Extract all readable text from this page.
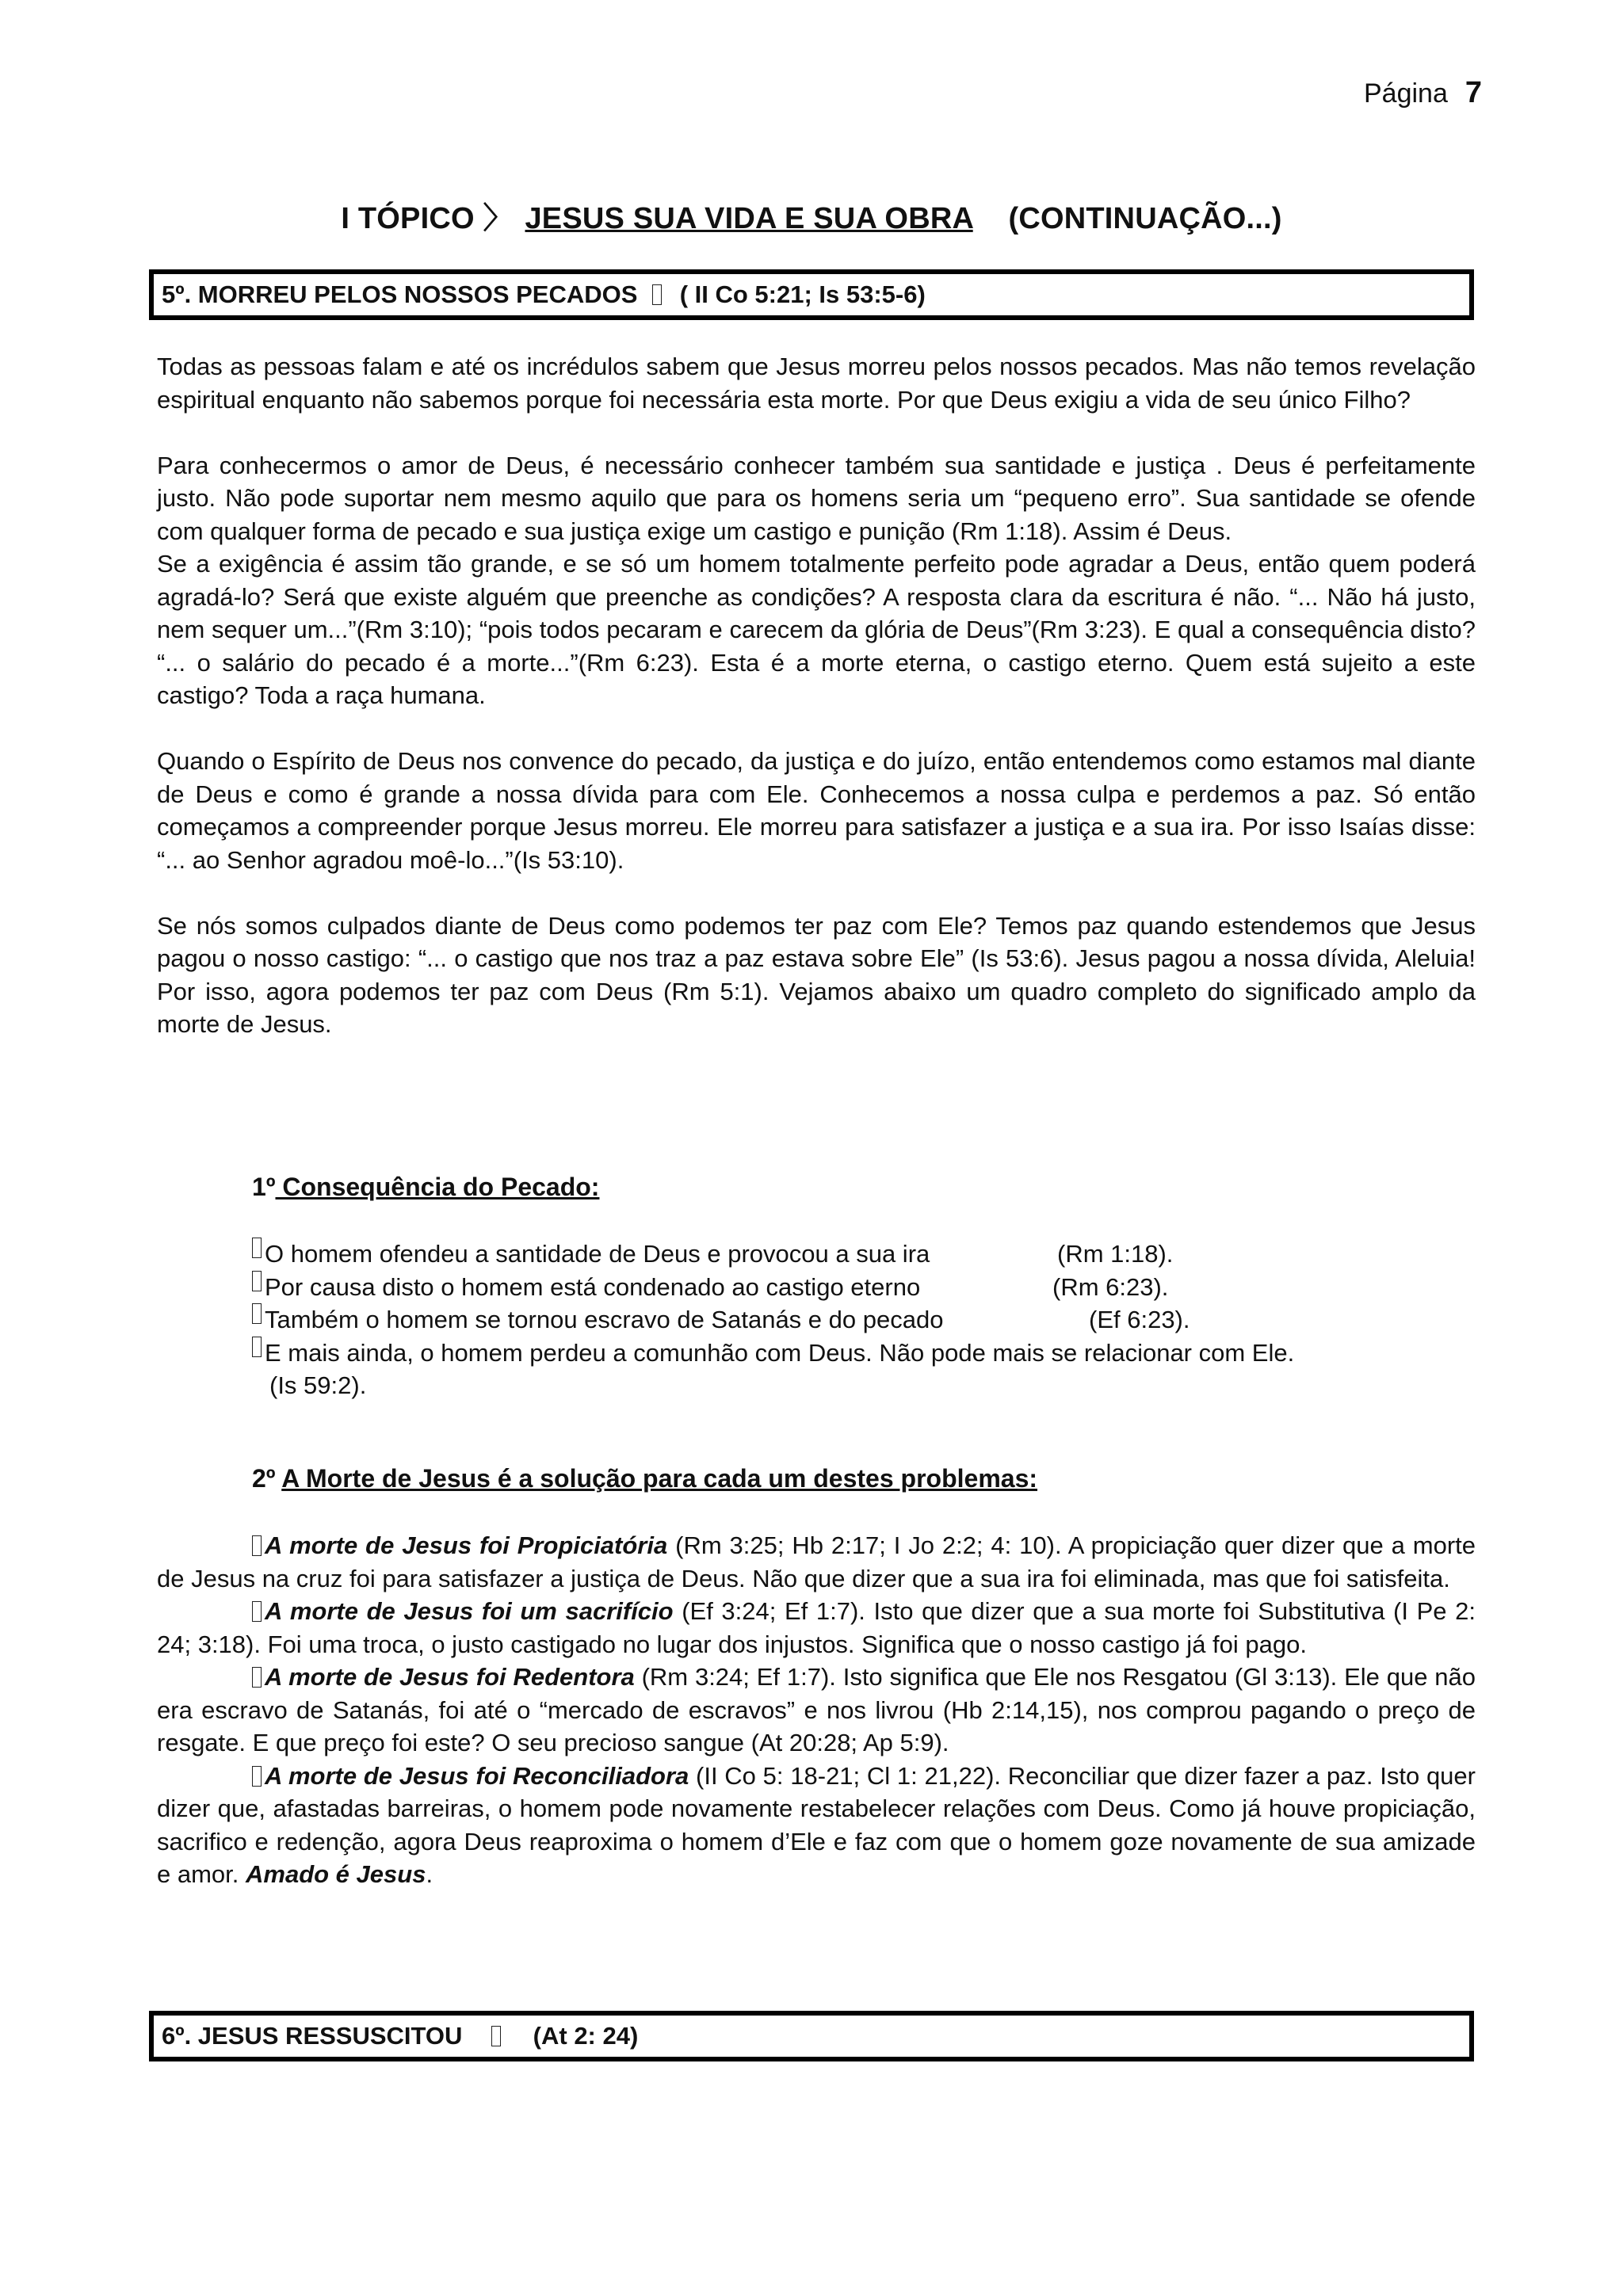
Página 7
I TÓPICO 〉 JESUS SUA VIDA E SUA OBRA (CONTINUAÇÃO...)
5º. MORREU PELOS NOSSOS PECADOS ( II Co 5:21; Is 53:5-6)

Todas as pessoas falam e até os incrédulos sabem que Jesus morreu pelos nossos pecados. Mas não temos revelação espiritual enquanto não sabemos porque foi necessária esta morte. Por que Deus exigiu a vida de seu único Filho?

Para conhecermos o amor de Deus, é necessário conhecer também sua santidade e justiça . Deus é perfeitamente justo. Não pode suportar nem mesmo aquilo que para os homens seria um “pequeno erro”. Sua santidade se ofende com qualquer forma de pecado e sua justiça exige um castigo e punição (Rm 1:18). Assim é Deus.

Se a exigência é assim tão grande, e se só um homem totalmente perfeito pode agradar a Deus, então quem poderá agradá-lo? Será que existe alguém que preenche as condições? A resposta clara da escritura é não. “... Não há justo, nem sequer um...”(Rm 3:10); “pois todos pecaram e carecem da glória de Deus”(Rm 3:23). E qual a consequência disto? “... o salário do pecado é a morte...”(Rm 6:23). Esta é a morte eterna, o castigo eterno. Quem está sujeito a este castigo? Toda a raça humana.

Quando o Espírito de Deus nos convence do pecado, da justiça e do juízo, então entendemos como estamos mal diante de Deus e como é grande a nossa dívida para com Ele. Conhecemos a nossa culpa e perdemos a paz. Só então começamos a compreender porque Jesus morreu. Ele morreu para satisfazer a justiça e a sua ira. Por isso Isaías disse: “... ao Senhor agradou moê-lo...”(Is 53:10).

Se nós somos culpados diante de Deus como podemos ter paz com Ele? Temos paz quando estendemos que Jesus pagou o nosso castigo: “... o castigo que nos traz a paz estava sobre Ele” (Is 53:6). Jesus pagou a nossa dívida, Aleluia! Por isso, agora podemos ter paz com Deus (Rm 5:1). Vejamos abaixo um quadro completo do significado amplo da morte de Jesus.

1º Consequência do Pecado:
O homem ofendeu a santidade de Deus e provocou a sua ira	(Rm 1:18).
Por causa disto o homem está condenado ao castigo eterno	(Rm 6:23).
Também o homem se tornou escravo de Satanás e do pecado	(Ef 6:23).
E mais ainda, o homem perdeu a comunhão com Deus. Não pode mais se relacionar com Ele.
(Is 59:2).
2º A Morte de Jesus é a solução para cada um destes problemas:

A morte de Jesus foi Propiciatória (Rm 3:25; Hb 2:17; I Jo 2:2; 4: 10). A propiciação quer dizer que a morte de Jesus na cruz foi para satisfazer a justiça de Deus. Não que dizer que a sua ira foi eliminada, mas que foi satisfeita.

A morte de Jesus foi um sacrifício (Ef 3:24; Ef 1:7). Isto que dizer que a sua morte foi Substitutiva (I Pe 2: 24; 3:18). Foi uma troca, o justo castigado no lugar dos injustos. Significa que o nosso castigo já foi pago.

A morte de Jesus foi Redentora (Rm 3:24; Ef 1:7). Isto significa que Ele nos Resgatou (Gl 3:13). Ele que não era escravo de Satanás, foi até o “mercado de escravos” e nos livrou (Hb 2:14,15), nos comprou pagando o preço de resgate. E que preço foi este? O seu precioso sangue (At 20:28; Ap 5:9).

A morte de Jesus foi Reconciliadora (II Co 5: 18-21; Cl 1: 21,22). Reconciliar que dizer fazer a paz. Isto quer dizer que, afastadas barreiras, o homem pode novamente restabelecer relações com Deus. Como já houve propiciação, sacrifico e redenção, agora Deus reaproxima o homem d’Ele e faz com que o homem goze novamente de sua amizade e amor. Amado é Jesus.

6º. JESUS RESSUSCITOU	(At 2: 24)
